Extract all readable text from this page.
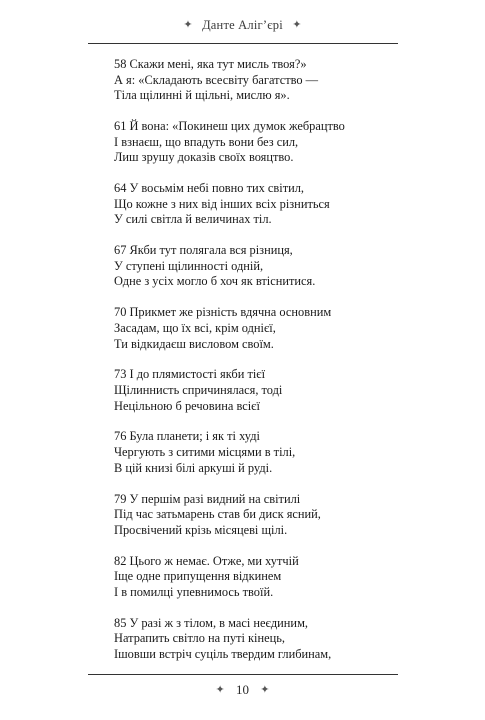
✦ Данте Аліг’єрі ✦
58 Скажи мені, яка тут мисль твоя?»
А я: «Складають всесвіту багатство —
Тіла щілинні й щільні, мислю я».
61 Й вона: «Покинеш цих думок жебрацтво
І взнаєш, що впадуть вони без сил,
Лиш зрушу доказів своїх вояцтво.
64 У восьмім небі повно тих світил,
Що кожне з них від інших всіх різниться
У силі світла й величинах тіл.
67 Якби тут полягала вся різниця,
У ступені щілинності одній,
Одне з усіх могло б хоч як втіснитися.
70 Прикмет же різність вдячна основним
Засадам, що їх всі, крім однієї,
Ти відкидаєш висловом своїм.
73 І до плямистості якби тієї
Щілиннисть спричинялася, тоді
Нецільною б речовина всієї
76 Була планети; і як ті худі
Чергують з ситими місцями в тілі,
В цій книзі білі аркуші й руді.
79 У першім разі видний на світилі
Під час затьмарень став би диск ясний,
Просвічений крізь місяцеві щілі.
82 Цього ж немає. Отже, ми хутчій
Іще одне припущення відкинем
І в помилці упевнимось твоїй.
85 У разі ж з тілом, в масі неєдиним,
Натрапить світло на путі кінець,
Ішовши встріч суціль твердим глибинам,
✦ 10 ✦
